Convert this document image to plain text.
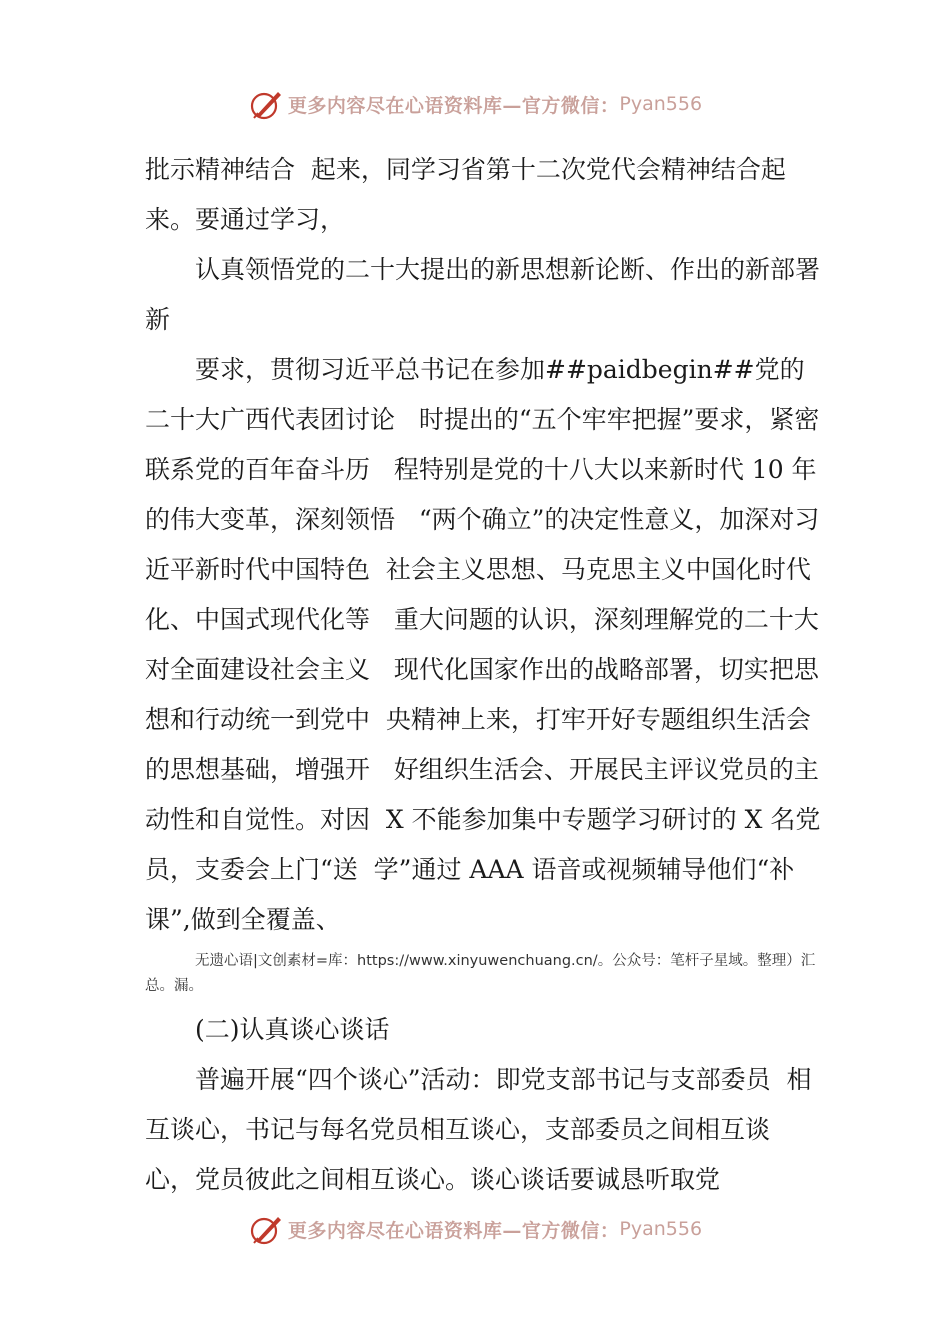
更多内容尽在心语资料库—官方微信： Pyan556

批示精神结合  起来，同学习省第十二次党代会精神结合起来。要通过学习，

认真领悟党的二十大提出的新思想新论断、作出的新部署新

要求，贯彻习近平总书记在参加##paidbegin##党的二十大广西代表团讨论   时提出的“五个牢牢把握”要求，紧密联系党的百年奋斗历   程特别是党的十八大以来新时代 10 年的伟大变革，深刻领悟   “两个确立”的决定性意义，加深对习近平新时代中国特色  社会主义思想、马克思主义中国化时代化、中国式现代化等   重大问题的认识，深刻理解党的二十大对全面建设社会主义   现代化国家作出的战略部署，切实把思想和行动统一到党中  央精神上来，打牢开好专题组织生活会的思想基础，增强开   好组织生活会、开展民主评议党员的主动性和自觉性。对因  X 不能参加集中专题学习研讨的 X 名党员，支委会上门“送  学”通过 AAA 语音或视频辅导他们“补课”,做到全覆盖、

无遗心语|文创素材=库：https://www.xinyuwenchuang.cn/。公众号：笔杆子星域。整理）汇总。漏。

(二)认真谈心谈话

普遍开展“四个谈心”活动：即党支部书记与支部委员  相互谈心，书记与每名党员相互谈心，支部委员之间相互谈  心，党员彼此之间相互谈心。谈心谈话要诚恳听取党

更多内容尽在心语资料库—官方微信： Pyan556
